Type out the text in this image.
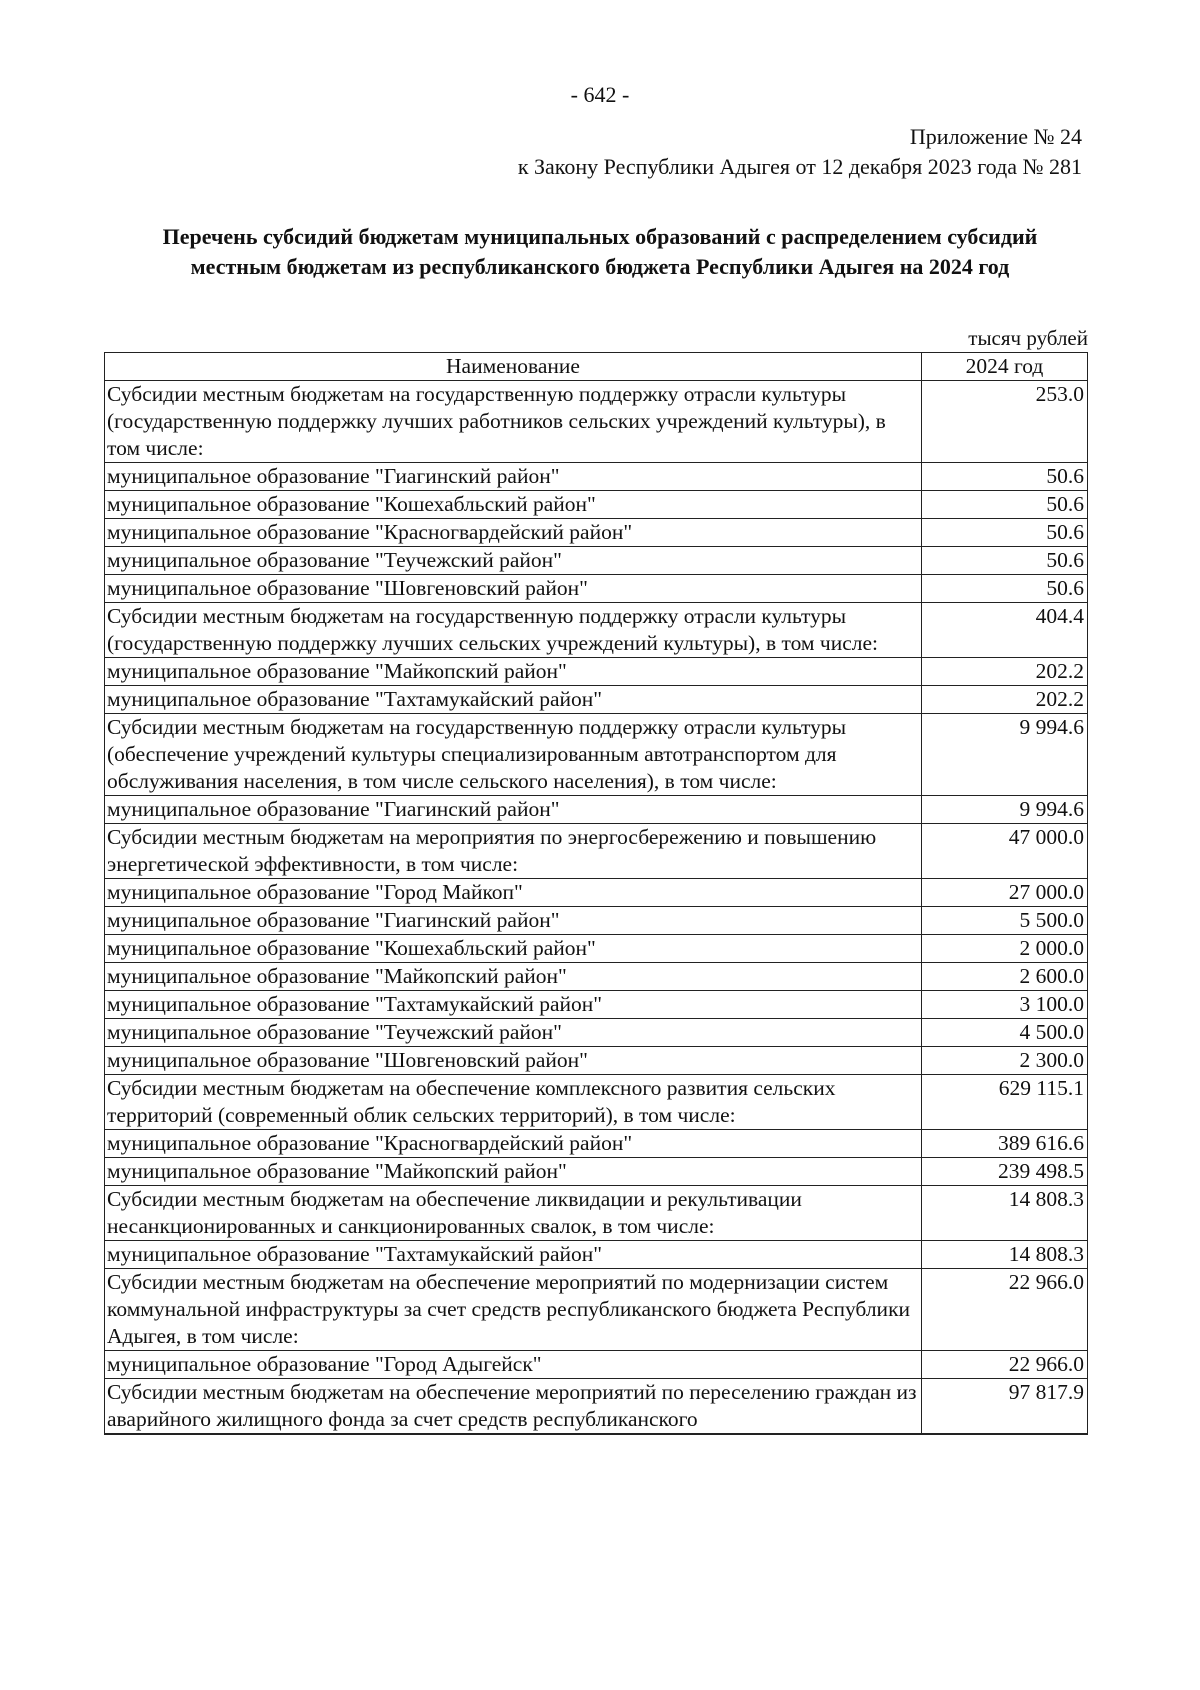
- 642 -
Приложение № 24
к Закону Республики Адыгея от 12 декабря 2023 года № 281
Перечень субсидий бюджетам муниципальных образований с распределением субсидий
местным бюджетам из республиканского бюджета Республики Адыгея на 2024 год
тысяч рублей
Наименование	2024 год
Субсидии местным бюджетам на государственную поддержку отрасли культуры (государственную поддержку лучших работников сельских учреждений культуры), в том числе:	253.0
муниципальное образование "Гиагинский район"	50.6
муниципальное образование "Кошехабльский район"	50.6
муниципальное образование "Красногвардейский район"	50.6
муниципальное образование "Теучежский район"	50.6
муниципальное образование "Шовгеновский район"	50.6
Субсидии местным бюджетам на государственную поддержку отрасли культуры (государственную поддержку лучших сельских учреждений культуры), в том числе:	404.4
муниципальное образование "Майкопский район"	202.2
муниципальное образование "Тахтамукайский район"	202.2
Субсидии местным бюджетам на государственную поддержку отрасли культуры (обеспечение учреждений культуры специализированным автотранспортом для обслуживания населения, в том числе сельского населения), в том числе:	9 994.6
муниципальное образование "Гиагинский район"	9 994.6
Субсидии местным бюджетам на мероприятия по энергосбережению и повышению энергетической эффективности, в том числе:	47 000.0
муниципальное образование "Город Майкоп"	27 000.0
муниципальное образование "Гиагинский район"	5 500.0
муниципальное образование "Кошехабльский район"	2 000.0
муниципальное образование "Майкопский район"	2 600.0
муниципальное образование "Тахтамукайский район"	3 100.0
муниципальное образование "Теучежский район"	4 500.0
муниципальное образование "Шовгеновский район"	2 300.0
Субсидии местным бюджетам на обеспечение комплексного развития сельских территорий (современный облик сельских территорий), в том числе:	629 115.1
муниципальное образование "Красногвардейский район"	389 616.6
муниципальное образование "Майкопский район"	239 498.5
Субсидии местным бюджетам на обеспечение ликвидации и рекультивации несанкционированных и санкционированных свалок, в том числе:	14 808.3
муниципальное образование "Тахтамукайский район"	14 808.3
Субсидии местным бюджетам на обеспечение мероприятий по модернизации систем коммунальной инфраструктуры за счет средств республиканского бюджета Республики Адыгея, в том числе:	22 966.0
муниципальное образование "Город Адыгейск"	22 966.0
Субсидии местным бюджетам на обеспечение мероприятий по переселению граждан из аварийного жилищного фонда за счет средств республиканского	97 817.9
